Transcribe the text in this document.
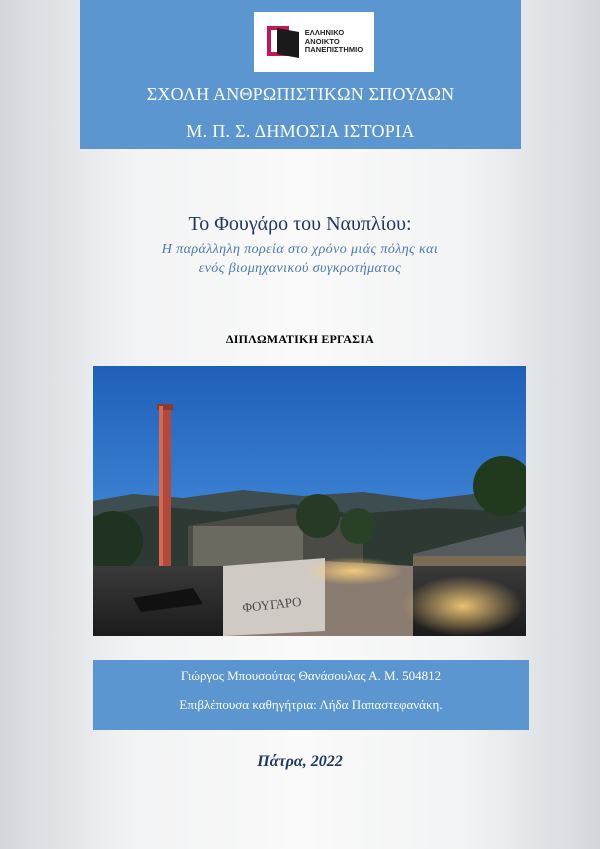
ΕΛΛΗΝΙΚΟ
ΑΝΟΙΚΤΟ
ΠΑΝΕΠΙΣΤΗΜΙΟ
ΣΧΟΛΗ ΑΝΘΡΩΠΙΣΤΙΚΩΝ ΣΠΟΥΔΩΝ
Μ. Π. Σ. ΔΗΜΟΣΙΑ ΙΣΤΟΡΙΑ
Το Φουγάρο του Ναυπλίου:
Η παράλληλη πορεία στο χρόνο μιάς πόλης και
ενός βιομηχανικού συγκροτήματος
ΔΙΠΛΩΜΑΤΙΚΗ ΕΡΓΑΣΙΑ
ΦΟΥΓΑΡΟ
Γιώργος Μπουσούτας Θανάσουλας Α. Μ. 504812
Επιβλέπουσα καθηγήτρια: Λήδα Παπαστεφανάκη.
Πάτρα, 2022
